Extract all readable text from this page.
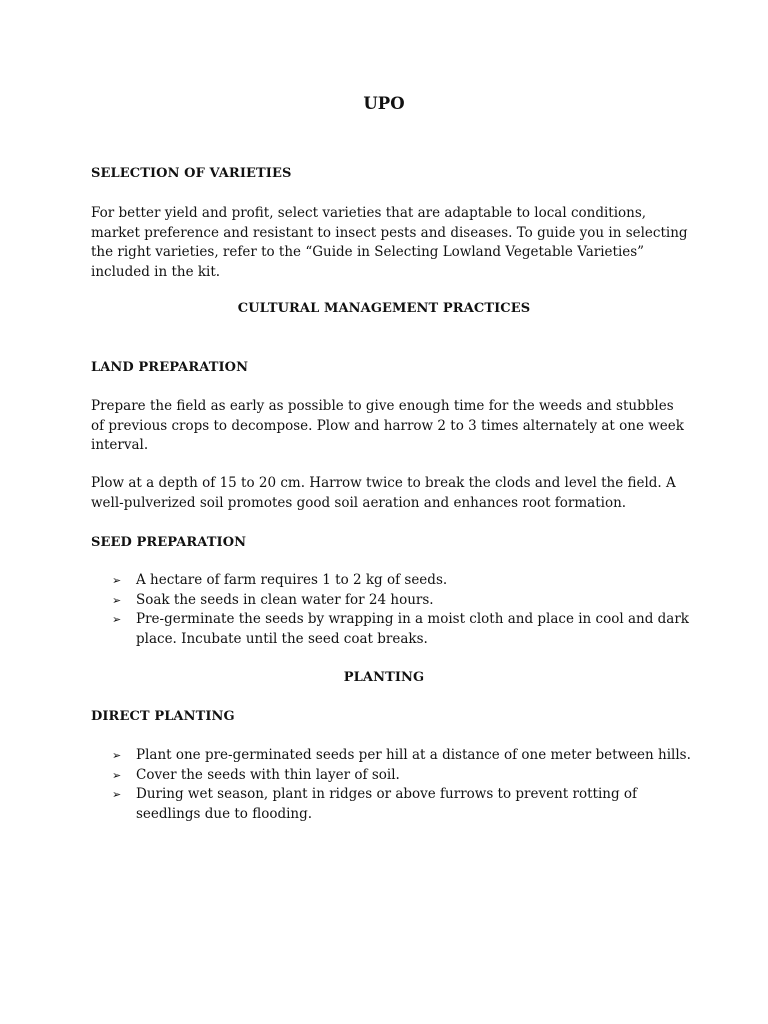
UPO
SELECTION OF VARIETIES

For better yield and profit, select varieties that are adaptable to local conditions, market preference and resistant to insect pests and diseases. To guide you in selecting the right varieties, refer to the “Guide in Selecting Lowland Vegetable Varieties” included in the kit.

CULTURAL MANAGEMENT PRACTICES
LAND PREPARATION

Prepare the field as early as possible to give enough time for the weeds and stubbles of previous crops to decompose. Plow and harrow 2 to 3 times alternately at one week interval.

Plow at a depth of 15 to 20 cm. Harrow twice to break the clods and level the field. A well-pulverized soil promotes good soil aeration and enhances root formation.

SEED PREPARATION
➢ A hectare of farm requires 1 to 2 kg of seeds.
➢ Soak the seeds in clean water for 24 hours.
➢ Pre-germinate the seeds by wrapping in a moist cloth and place in cool and dark place. Incubate until the seed coat breaks.
PLANTING
DIRECT PLANTING
➢ Plant one pre-germinated seeds per hill at a distance of one meter between hills.
➢ Cover the seeds with thin layer of soil.
➢ During wet season, plant in ridges or above furrows to prevent rotting of seedlings due to flooding.
